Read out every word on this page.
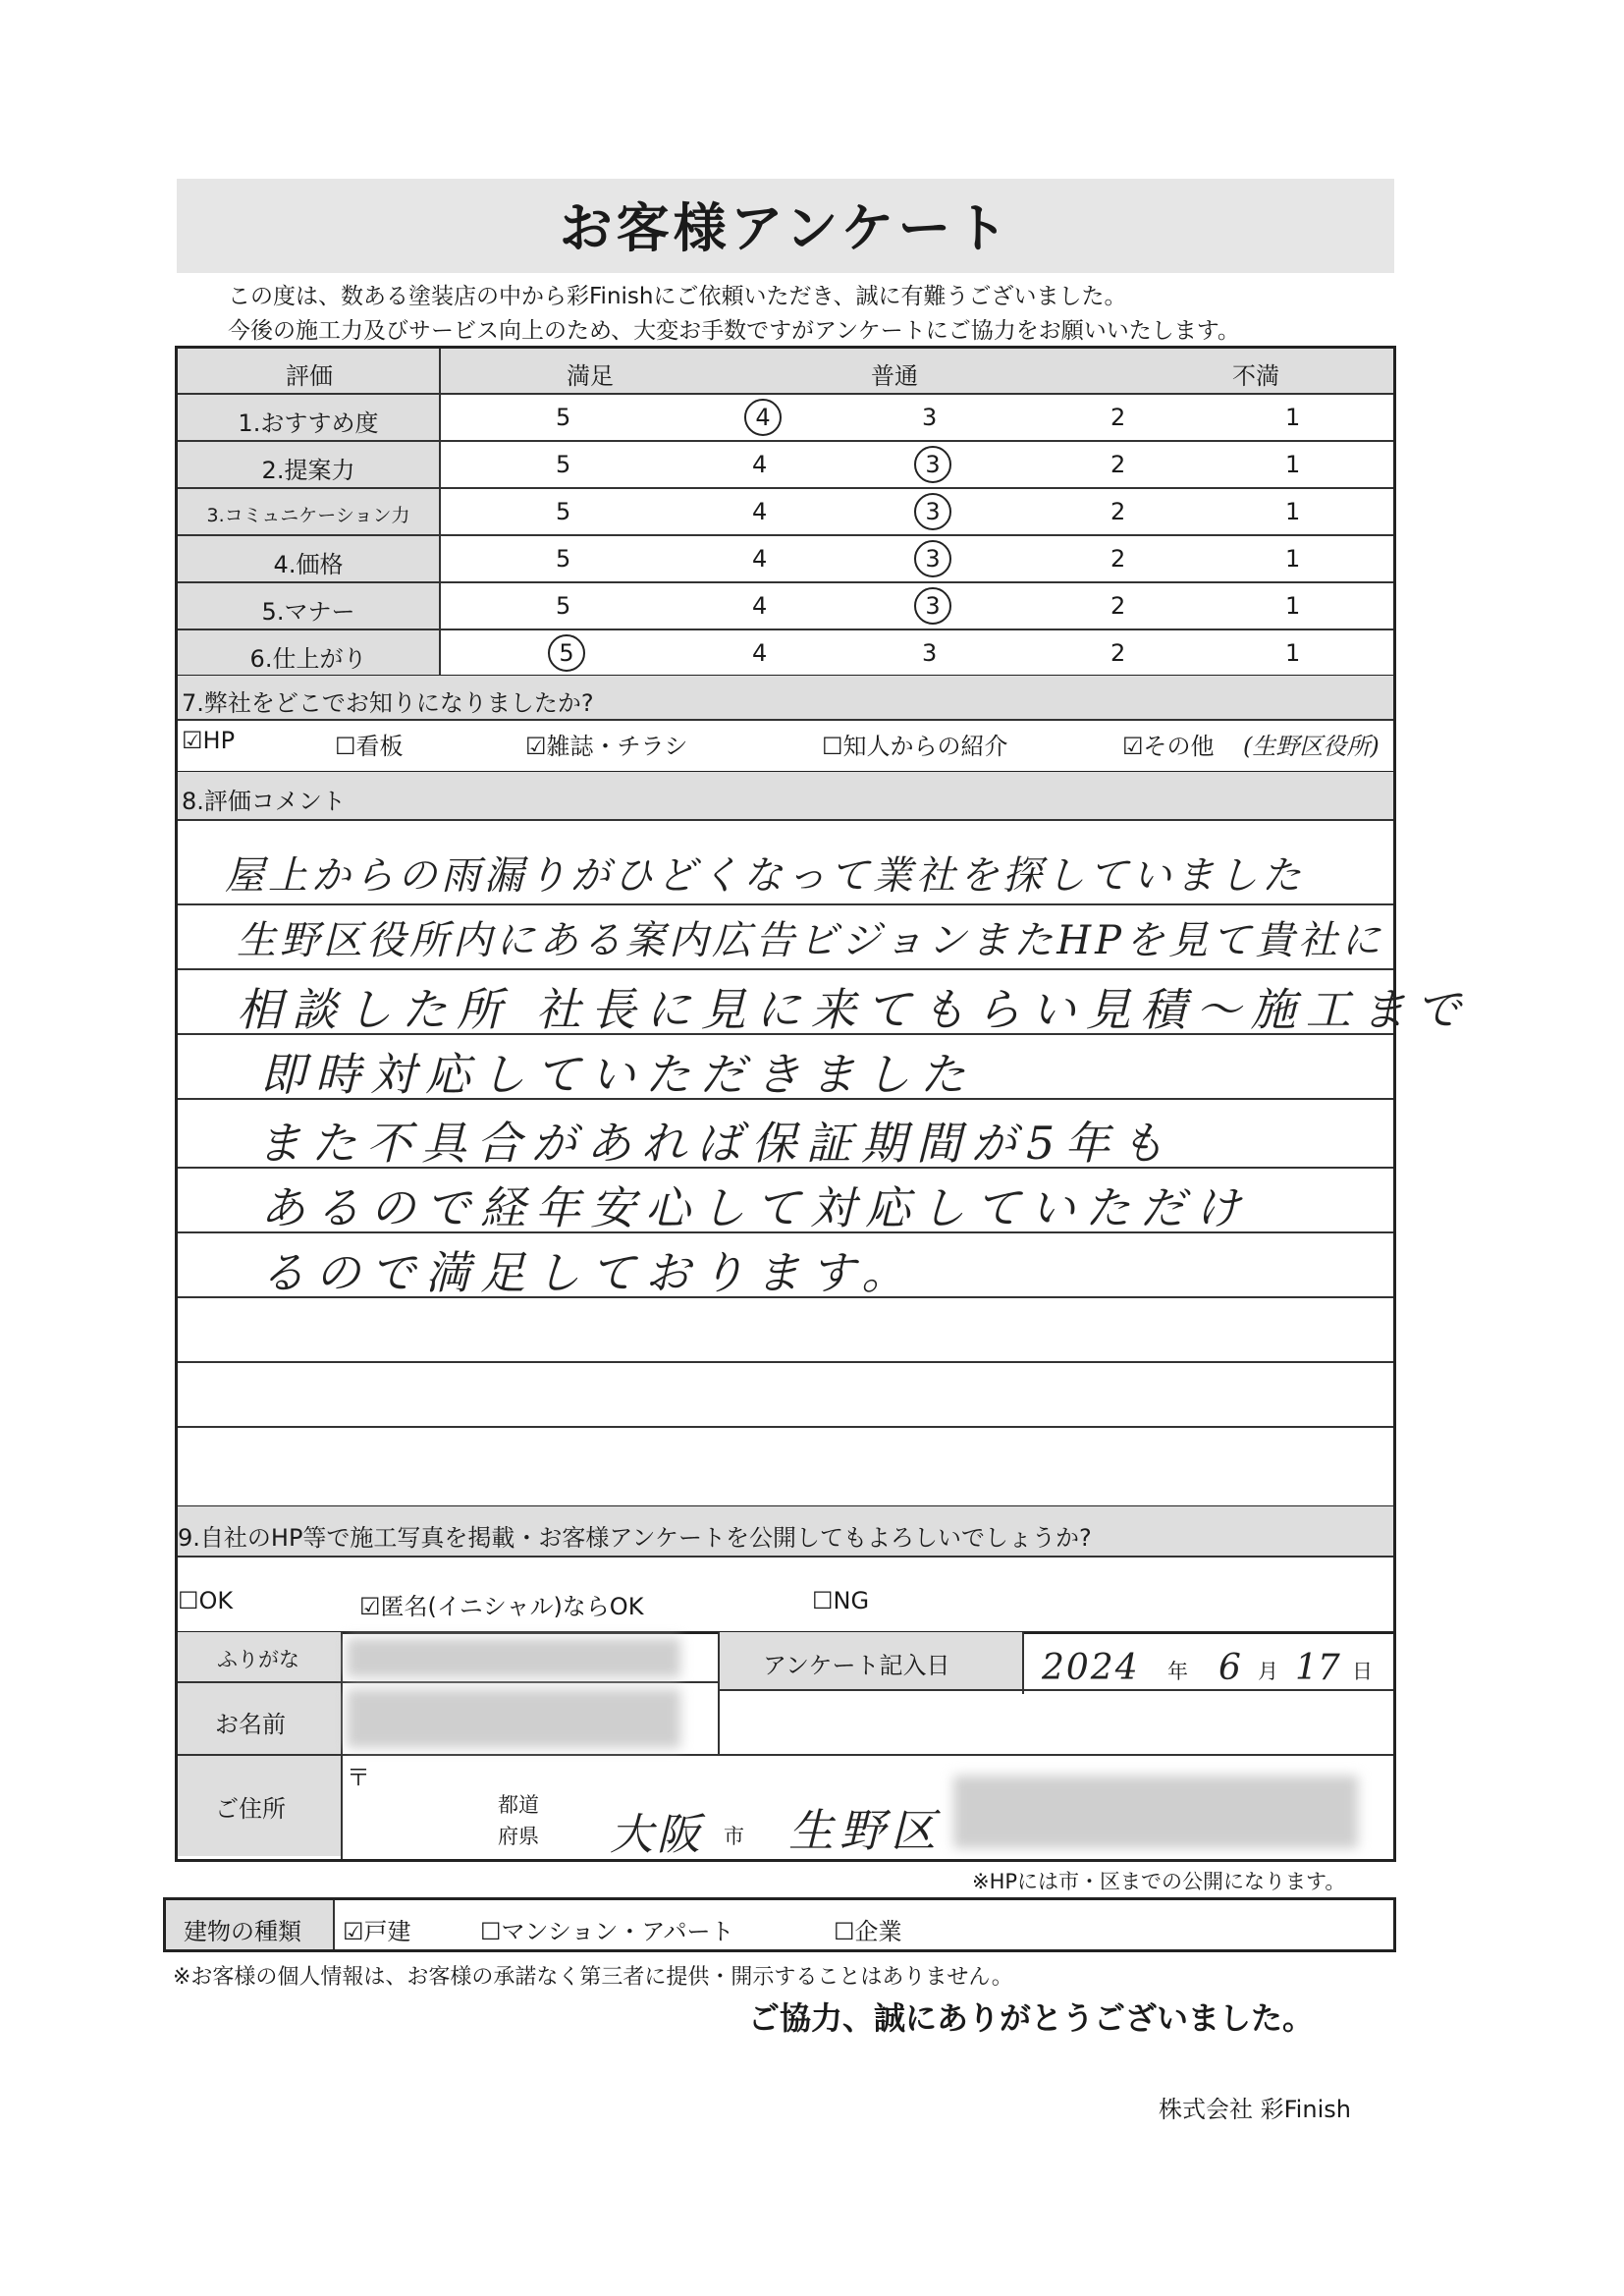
お客様アンケート
この度は、数ある塗装店の中から彩Finishにご依頼いただき、誠に有難うございました。
今後の施工力及びサービス向上のため、大変お手数ですがアンケートにご協力をお願いいたします。
評価	満足	普通	不満
1.おすすめ度	5	4	3	2	1
2.提案力	5	4	3	2	1
3.コミュニケーション力	5	4	3	2	1
4.価格	5	4	3	2	1
5.マナー	5	4	3	2	1
6.仕上がり	5	4	3	2	1
7.弊社をどこでお知りになりましたか?
☑HP	☐看板	☑雑誌・チラシ	☐知人からの紹介	☑その他 (生野区役所)
8.評価コメント
屋上からの雨漏りがひどくなって業社を探していました
生野区役所内にある案内広告ビジョンまたHPを見て貴社に
相談した所 社長に見に来てもらい見積〜施工まで
即時対応していただきました
また不具合があれば保証期間が5年も
あるので経年安心して対応していただけ
るので満足しております。
9.自社のHP等で施工写真を掲載・お客様アンケートを公開してもよろしいでしょうか?
☐OK	☑匿名(イニシャル)ならOK	☐NG
ふりがな
お名前
ご住所
アンケート記入日	2024 年 6 月 17 日
〒
都道
府県 大阪 市 生野区
※HPには市・区までの公開になります。
建物の種類 ☑戸建	☐マンション・アパート	☐企業
※お客様の個人情報は、お客様の承諾なく第三者に提供・開示することはありません。
ご協力、誠にありがとうございました。
株式会社 彩Finish
